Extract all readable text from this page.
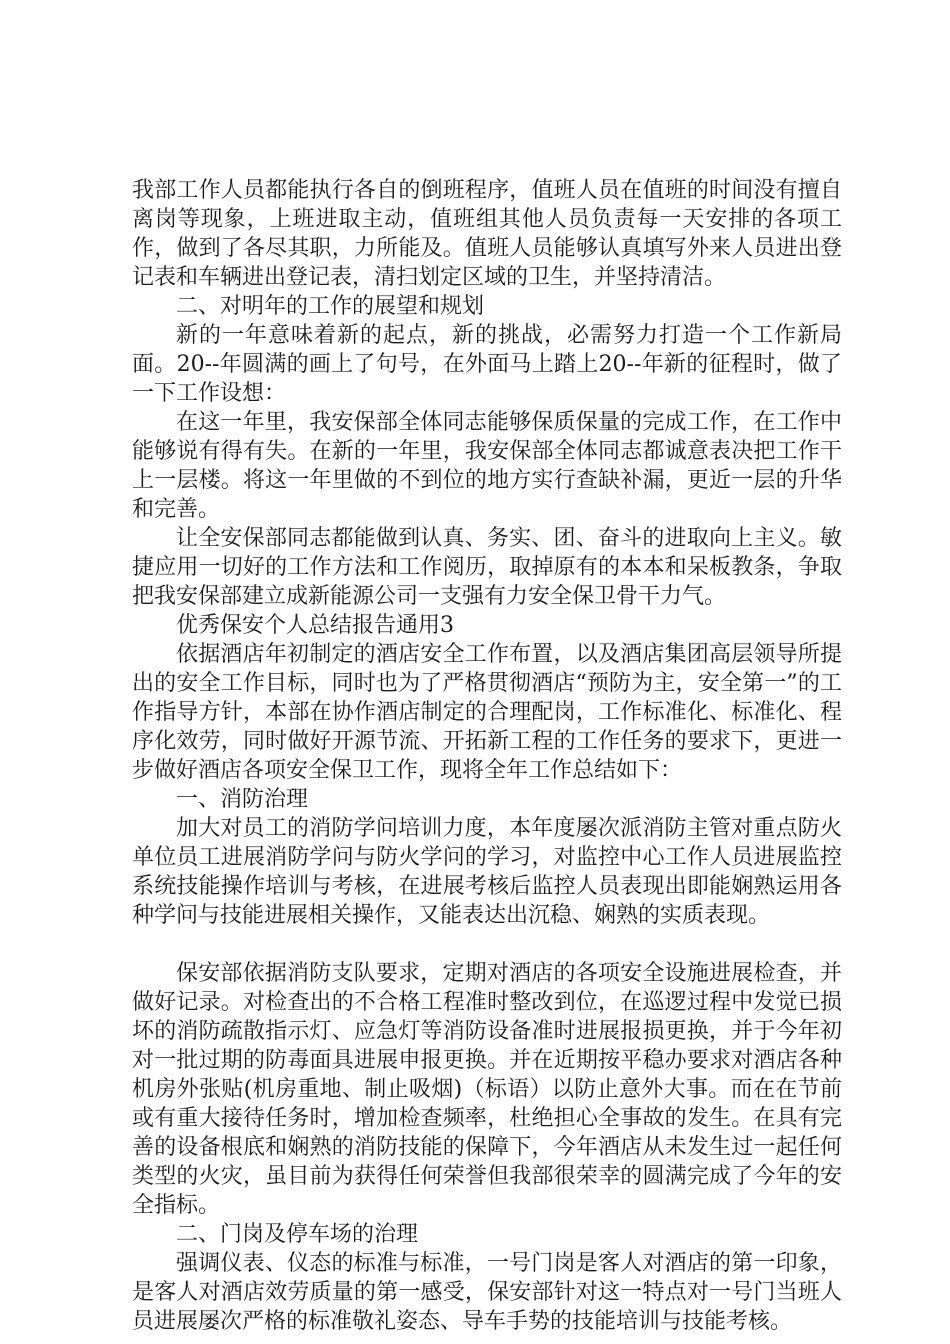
我部工作人员都能执行各自的倒班程序，值班人员在值班的时间没有擅自离岗等现象，上班进取主动，值班组其他人员负责每一天安排的各项工作，做到了各尽其职，力所能及。值班人员能够认真填写外来人员进出登记表和车辆进出登记表，清扫划定区域的卫生，并坚持清洁。

二、对明年的工作的展望和规划

新的一年意味着新的起点，新的挑战，必需努力打造一个工作新局面。20--年圆满的画上了句号，在外面马上踏上20--年新的征程时，做了一下工作设想：

在这一年里，我安保部全体同志能够保质保量的完成工作，在工作中能够说有得有失。在新的一年里，我安保部全体同志都诚意表决把工作干上一层楼。将这一年里做的不到位的地方实行查缺补漏，更近一层的升华和完善。

让全安保部同志都能做到认真、务实、团、奋斗的进取向上主义。敏捷应用一切好的工作方法和工作阅历，取掉原有的本本和呆板教条，争取把我安保部建立成新能源公司一支强有力安全保卫骨干力气。

优秀保安个人总结报告通用3

依据酒店年初制定的酒店安全工作布置，以及酒店集团高层领导所提出的安全工作目标，同时也为了严格贯彻酒店“预防为主，安全第一”的工作指导方针，本部在协作酒店制定的合理配岗，工作标准化、标准化、程序化效劳，同时做好开源节流、开拓新工程的工作任务的要求下，更进一步做好酒店各项安全保卫工作，现将全年工作总结如下：

一、消防治理

加大对员工的消防学问培训力度，本年度屡次派消防主管对重点防火单位员工进展消防学问与防火学问的学习，对监控中心工作人员进展监控系统技能操作培训与考核，在进展考核后监控人员表现出即能娴熟运用各种学问与技能进展相关操作，又能表达出沉稳、娴熟的实质表现。

保安部依据消防支队要求，定期对酒店的各项安全设施进展检查，并做好记录。对检查出的不合格工程准时整改到位，在巡逻过程中发觉已损坏的消防疏散指示灯、应急灯等消防设备准时进展报损更换，并于今年初对一批过期的防毒面具进展申报更换。并在近期按平稳办要求对酒店各种机房外张贴(机房重地、制止吸烟)（标语）以防止意外大事。而在在节前或有重大接待任务时，增加检查频率，杜绝担心全事故的发生。在具有完善的设备根底和娴熟的消防技能的保障下，今年酒店从未发生过一起任何类型的火灾，虽目前为获得任何荣誉但我部很荣幸的圆满完成了今年的安全指标。

二、门岗及停车场的治理

强调仪表、仪态的标准与标准，一号门岗是客人对酒店的第一印象，是客人对酒店效劳质量的第一感受，保安部针对这一特点对一号门当班人员进展屡次严格的标准敬礼姿态、导车手势的技能培训与技能考核。
